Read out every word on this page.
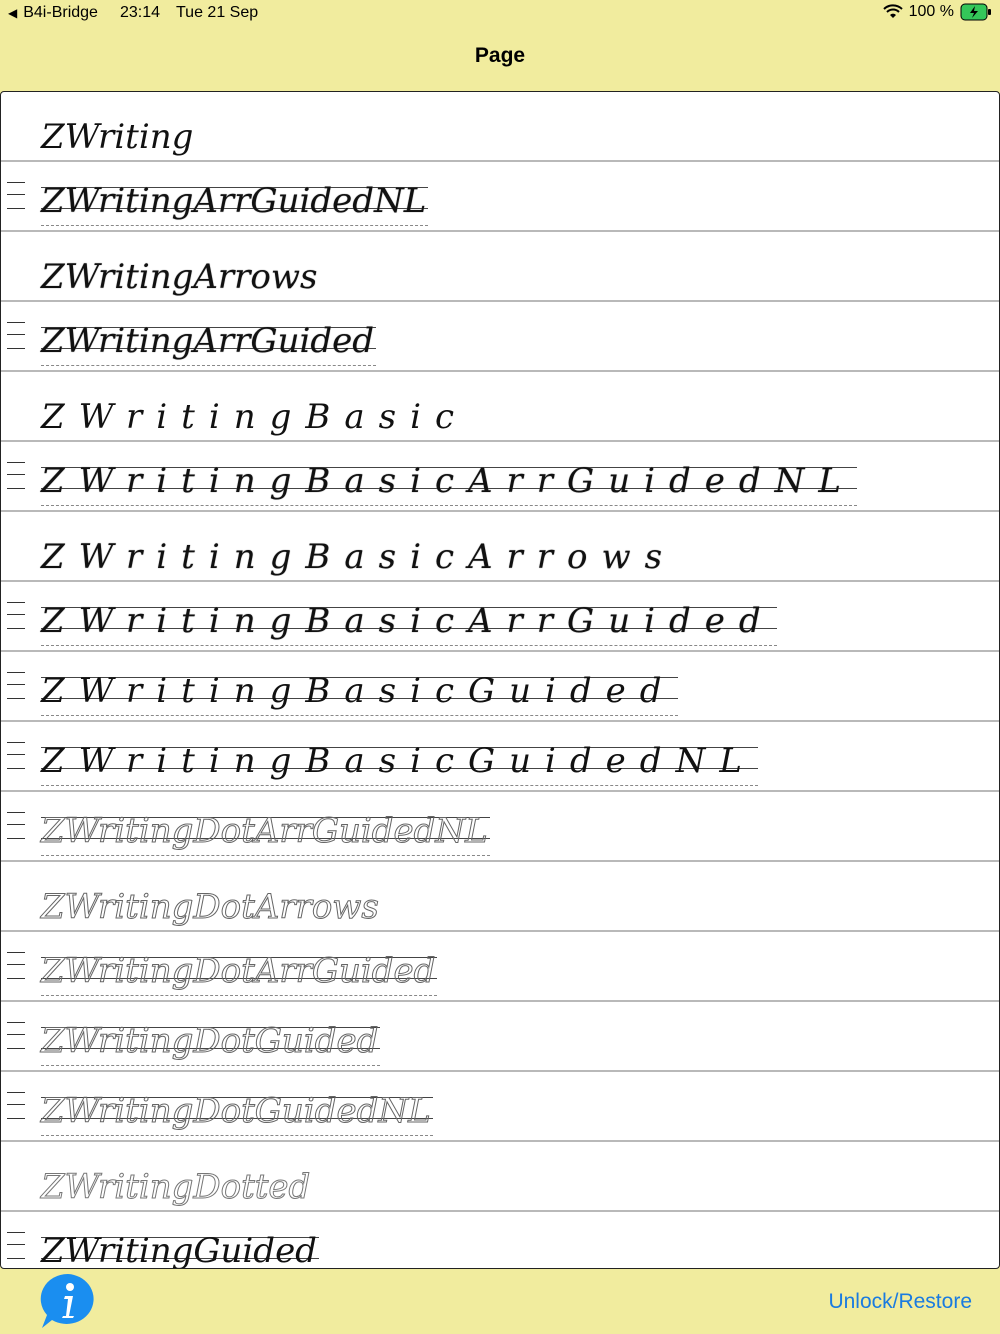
◀ B4i-Bridge 23:14 Tue 21 Sep	100 %
Page
ZWriting
ZWritingArrGuidedNL
ZWritingArrows
ZWritingArrGuided
ZWritingBasic
ZWritingBasicArrGuidedNL
ZWritingBasicArrows
ZWritingBasicArrGuided
ZWritingBasicGuided
ZWritingBasicGuidedNL
ZWritingDotArrGuidedNL
ZWritingDotArrows
ZWritingDotArrGuided
ZWritingDotGuided
ZWritingDotGuidedNL
ZWritingDotted
ZWritingGuided
Unlock/Restore
